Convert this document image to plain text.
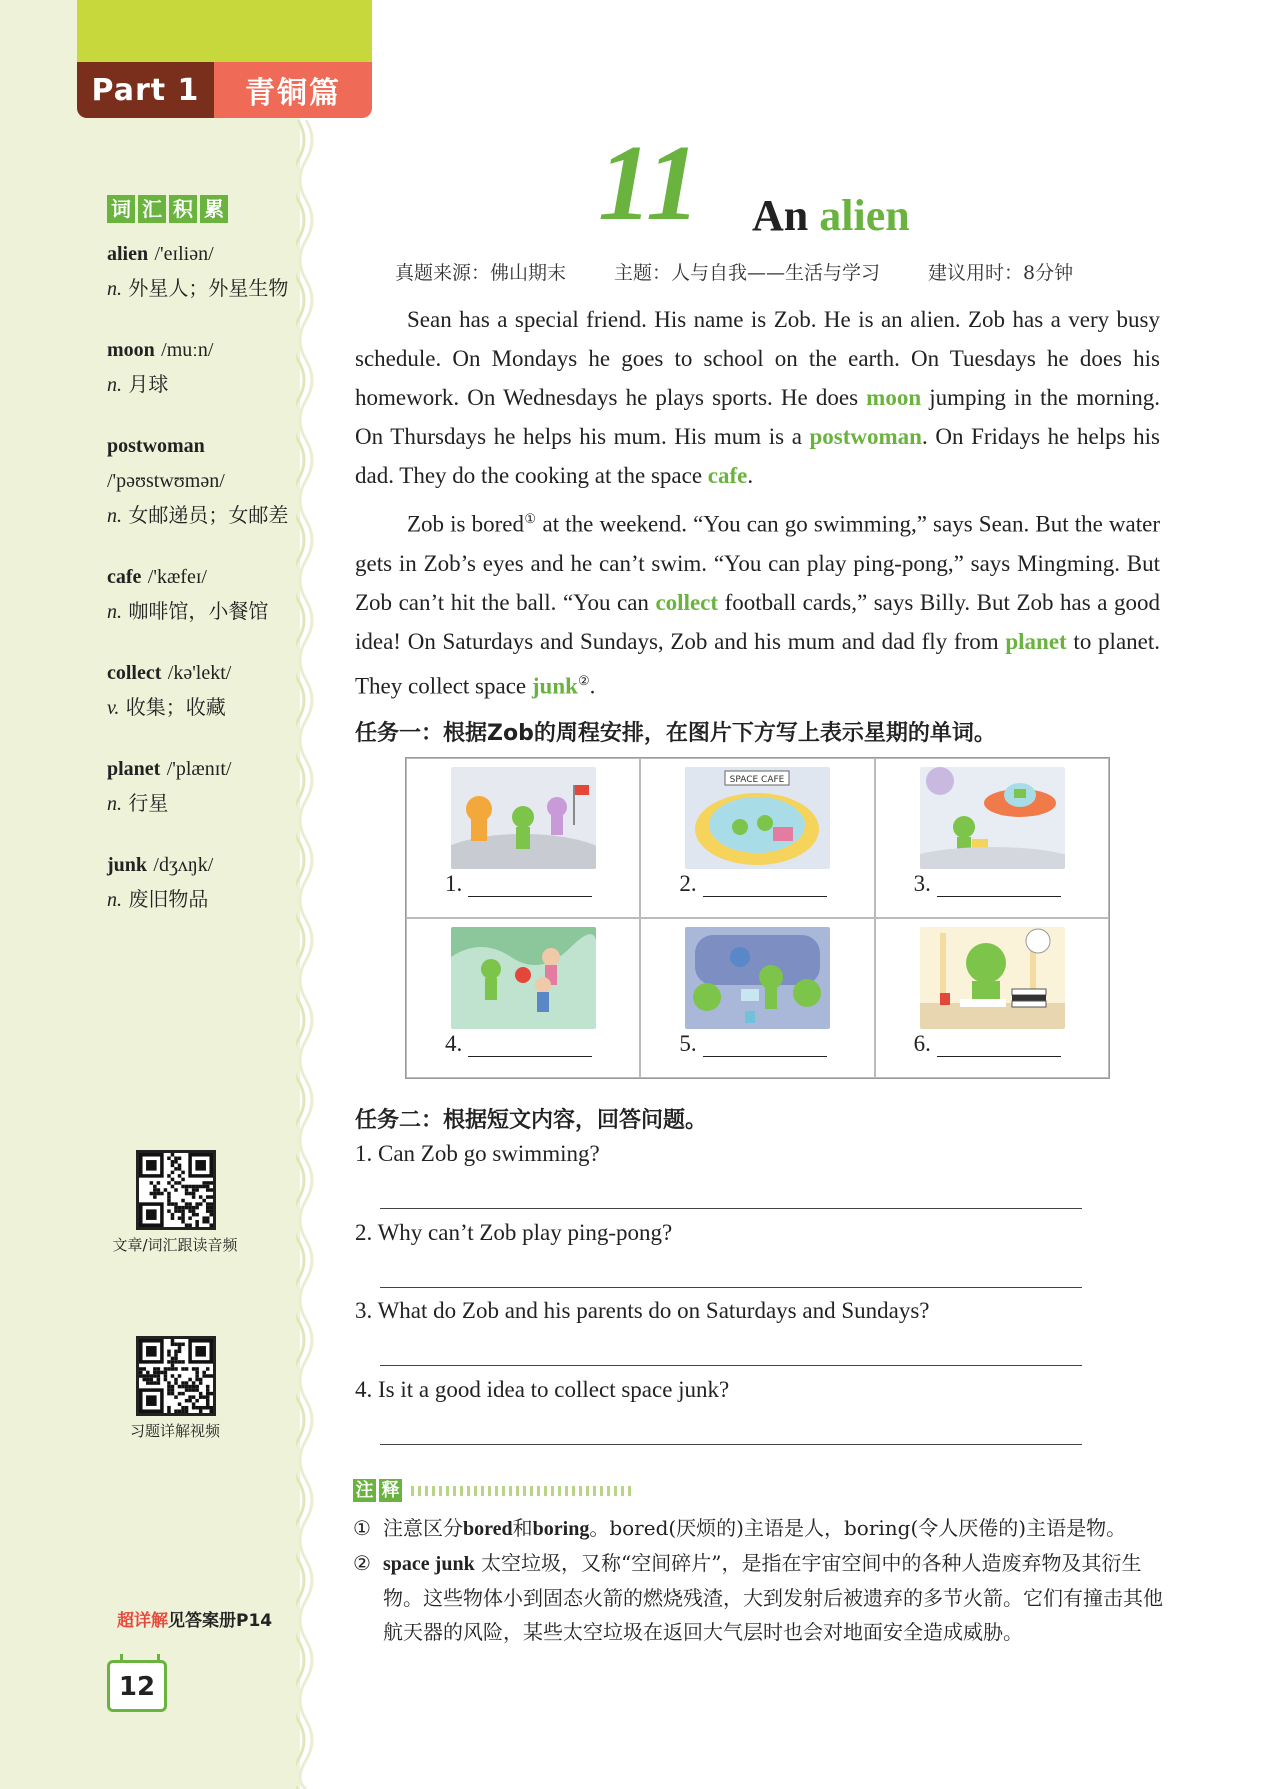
Part 1	青铜篇
词 汇 积 累
alien /'eɪliən/
n. 外星人；外星生物
moon /muːn/
n. 月球
postwoman /'pəʊstwʊmən/
n. 女邮递员；女邮差
cafe /'kæfeɪ/
n. 咖啡馆，小餐馆
collect /kə'lekt/
v. 收集；收藏
planet /'plænɪt/
n. 行星
junk /dʒʌŋk/
n. 废旧物品
文章/词汇跟读音频
习题详解视频
超详解见答案册P14
12
11 An alien
真题来源：佛山期末	主题：人与自我——生活与学习	建议用时：8分钟

Sean has a special friend. His name is Zob. He is an alien. Zob has a very busy schedule. On Mondays he goes to school on the earth. On Tuesdays he does his homework. On Wednesdays he plays sports. He does moon jumping in the morning. On Thursdays he helps his mum. His mum is a postwoman. On Fridays he helps his dad. They do the cooking at the space cafe.

Zob is bored① at the weekend. “You can go swimming,” says Sean. But the water gets in Zob’s eyes and he can’t swim. “You can play ping-pong,” says Mingming. But Zob can’t hit the ball. “You can collect football cards,” says Billy. But Zob has a good idea! On Saturdays and Sundays, Zob and his mum and dad fly from planet to planet. They collect space junk②.

任务一：根据Zob的周程安排，在图片下方写上表示星期的单词。
1.
SPACE CAFE
2.	3.
4.	5.	6.
任务二：根据短文内容，回答问题。
1. Can Zob go swimming?
2. Why can’t Zob play ping-pong?
3. What do Zob and his parents do on Saturdays and Sundays?
4. Is it a good idea to collect space junk?
注 释
① 注意区分bored和boring。bored(厌烦的)主语是人，boring(令人厌倦的)主语是物。
② space junk 太空垃圾，又称“空间碎片”，是指在宇宙空间中的各种人造废弃物及其衍生物。这些物体小到固态火箭的燃烧残渣，大到发射后被遗弃的多节火箭。它们有撞击其他航天器的风险，某些太空垃圾在返回大气层时也会对地面安全造成威胁。
